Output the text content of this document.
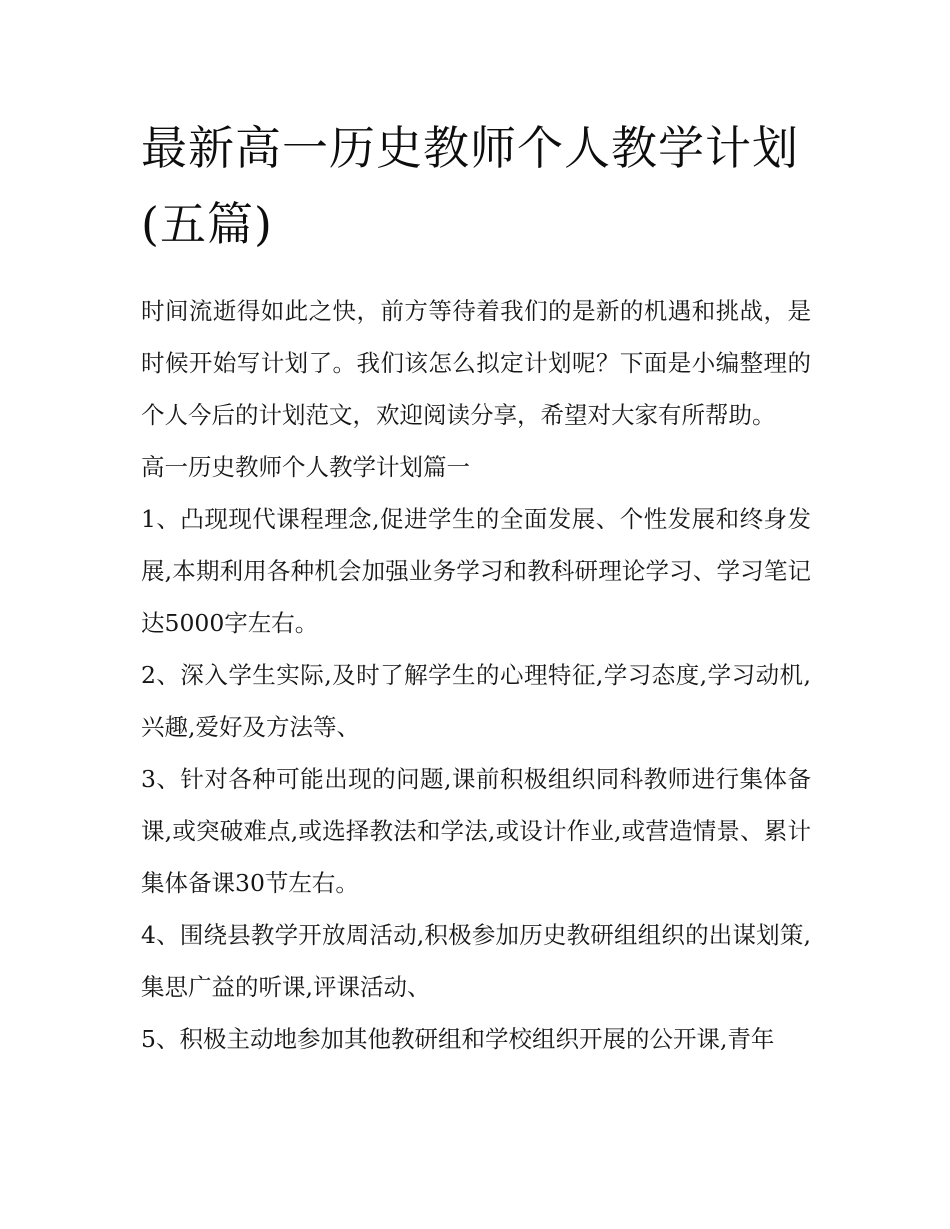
最新高一历史教师个人教学计划(五篇)

时间流逝得如此之快，前方等待着我们的是新的机遇和挑战，是时候开始写计划了。我们该怎么拟定计划呢？下面是小编整理的个人今后的计划范文，欢迎阅读分享，希望对大家有所帮助。

高一历史教师个人教学计划篇一

1、凸现现代课程理念,促进学生的全面发展、个性发展和终身发展,本期利用各种机会加强业务学习和教科研理论学习、学习笔记达5000字左右。

2、深入学生实际,及时了解学生的心理特征,学习态度,学习动机,兴趣,爱好及方法等、

3、针对各种可能出现的问题,课前积极组织同科教师进行集体备课,或突破难点,或选择教法和学法,或设计作业,或营造情景、累计集体备课30节左右。

4、围绕县教学开放周活动,积极参加历史教研组组织的出谋划策,集思广益的听课,评课活动、

5、积极主动地参加其他教研组和学校组织开展的公开课,青年
